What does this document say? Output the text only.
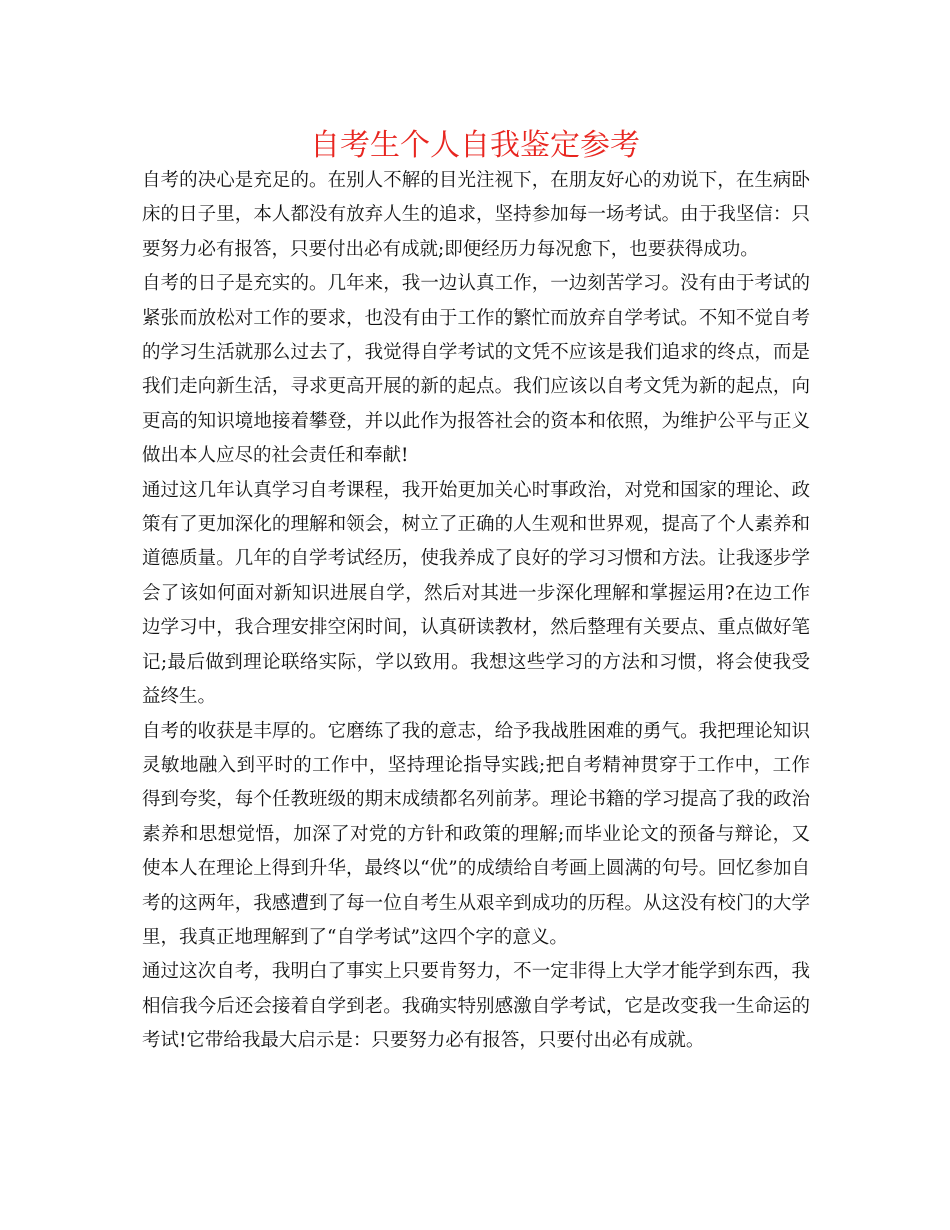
自考生个人自我鉴定参考

自考的决心是充足的。在别人不解的目光注视下，在朋友好心的劝说下，在生病卧床的日子里，本人都没有放弃人生的追求，坚持参加每一场考试。由于我坚信：只要努力必有报答，只要付出必有成就;即便经历力每况愈下，也要获得成功。

自考的日子是充实的。几年来，我一边认真工作，一边刻苦学习。没有由于考试的紧张而放松对工作的要求，也没有由于工作的繁忙而放弃自学考试。不知不觉自考的学习生活就那么过去了，我觉得自学考试的文凭不应该是我们追求的终点，而是我们走向新生活，寻求更高开展的新的起点。我们应该以自考文凭为新的起点，向更高的知识境地接着攀登，并以此作为报答社会的资本和依照，为维护公平与正义做出本人应尽的社会责任和奉献!

通过这几年认真学习自考课程，我开始更加关心时事政治，对党和国家的理论、政策有了更加深化的理解和领会，树立了正确的人生观和世界观，提高了个人素养和道德质量。几年的自学考试经历，使我养成了良好的学习习惯和方法。让我逐步学会了该如何面对新知识进展自学，然后对其进一步深化理解和掌握运用?在边工作边学习中，我合理安排空闲时间，认真研读教材，然后整理有关要点、重点做好笔记;最后做到理论联络实际，学以致用。我想这些学习的方法和习惯，将会使我受益终生。

自考的收获是丰厚的。它磨练了我的意志，给予我战胜困难的勇气。我把理论知识灵敏地融入到平时的工作中，坚持理论指导实践;把自考精神贯穿于工作中，工作得到夸奖，每个任教班级的期末成绩都名列前茅。理论书籍的学习提高了我的政治素养和思想觉悟，加深了对党的方针和政策的理解;而毕业论文的预备与辩论，又使本人在理论上得到升华，最终以“优”的成绩给自考画上圆满的句号。回忆参加自考的这两年，我感遭到了每一位自考生从艰辛到成功的历程。从这没有校门的大学里，我真正地理解到了“自学考试”这四个字的意义。

通过这次自考，我明白了事实上只要肯努力，不一定非得上大学才能学到东西，我相信我今后还会接着自学到老。我确实特别感激自学考试，它是改变我一生命运的考试!它带给我最大启示是：只要努力必有报答，只要付出必有成就。
